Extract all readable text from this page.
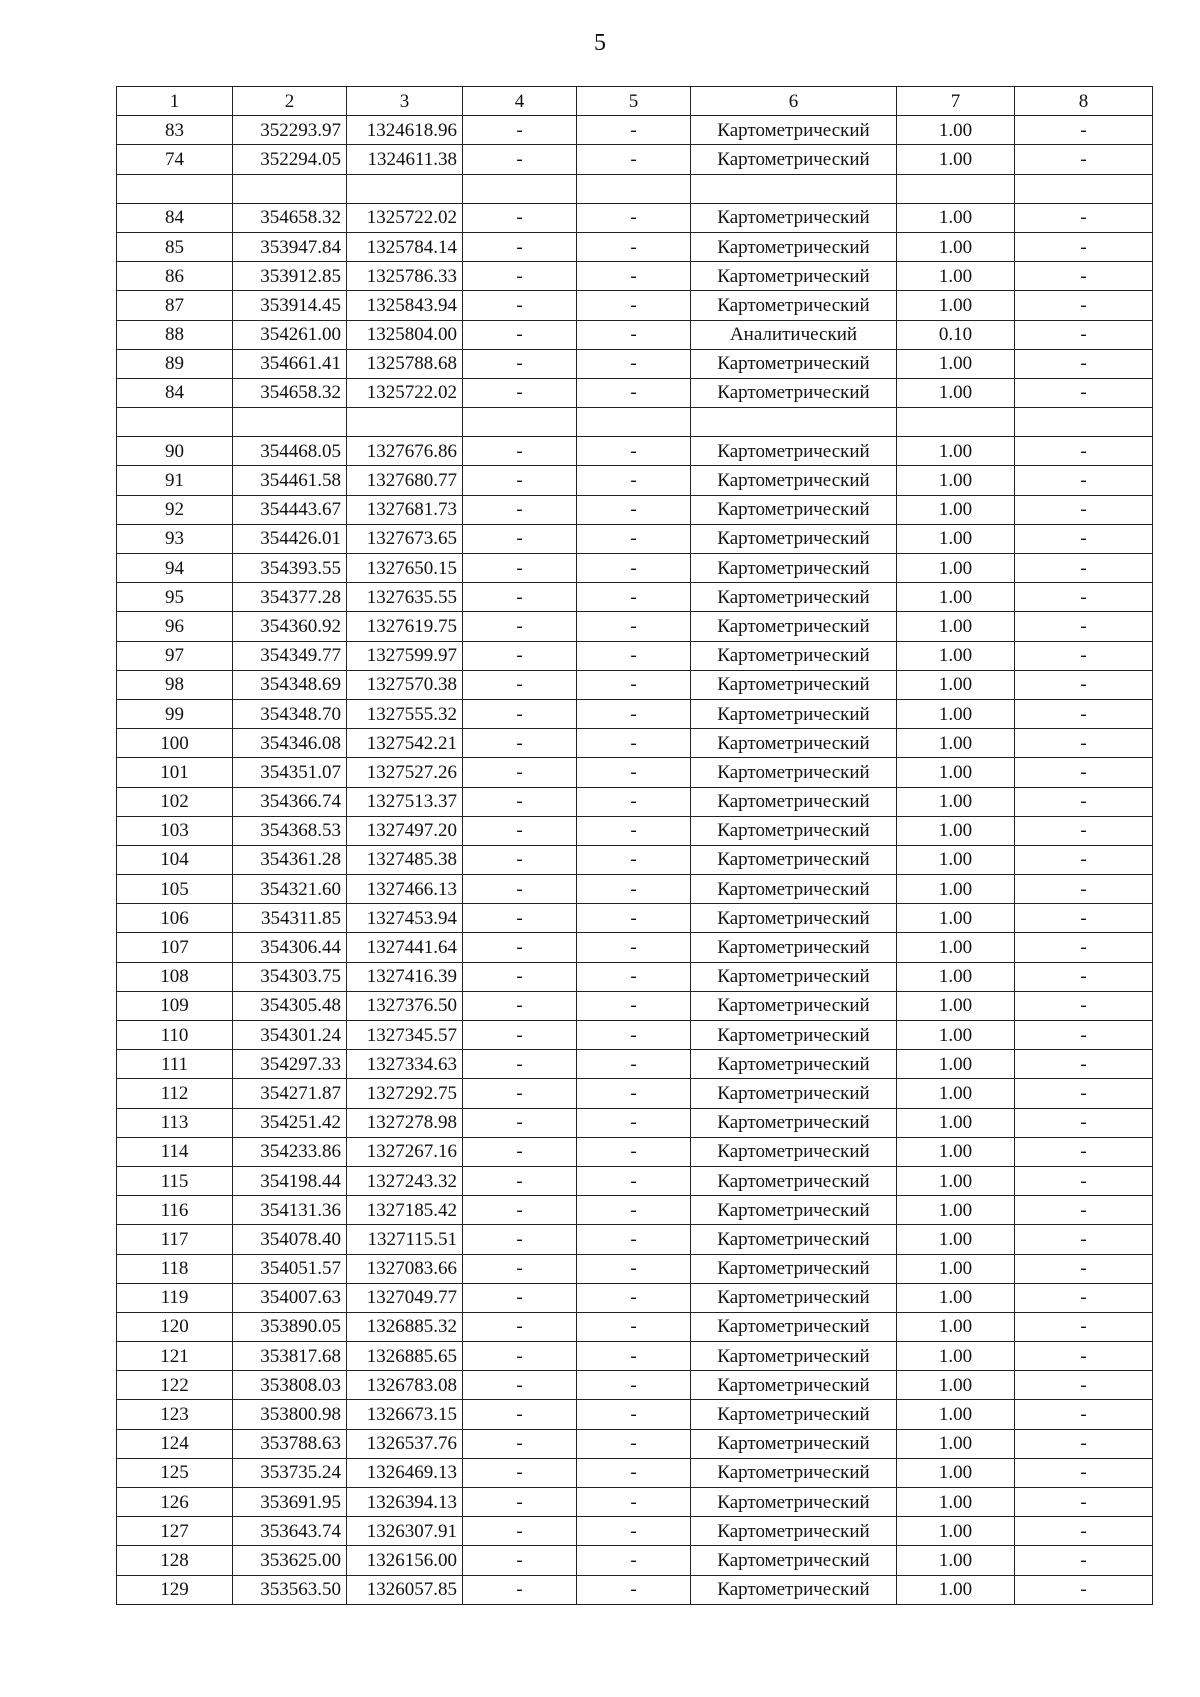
5
1	2	3	4	5	6	7	8
83	352293.97	1324618.96	-	-	Картометрический	1.00	-
74	352294.05	1324611.38	-	-	Картометрический	1.00	-

84	354658.32	1325722.02	-	-	Картометрический	1.00	-
85	353947.84	1325784.14	-	-	Картометрический	1.00	-
86	353912.85	1325786.33	-	-	Картометрический	1.00	-
87	353914.45	1325843.94	-	-	Картометрический	1.00	-
88	354261.00	1325804.00	-	-	Аналитический	0.10	-
89	354661.41	1325788.68	-	-	Картометрический	1.00	-
84	354658.32	1325722.02	-	-	Картометрический	1.00	-

90	354468.05	1327676.86	-	-	Картометрический	1.00	-
91	354461.58	1327680.77	-	-	Картометрический	1.00	-
92	354443.67	1327681.73	-	-	Картометрический	1.00	-
93	354426.01	1327673.65	-	-	Картометрический	1.00	-
94	354393.55	1327650.15	-	-	Картометрический	1.00	-
95	354377.28	1327635.55	-	-	Картометрический	1.00	-
96	354360.92	1327619.75	-	-	Картометрический	1.00	-
97	354349.77	1327599.97	-	-	Картометрический	1.00	-
98	354348.69	1327570.38	-	-	Картометрический	1.00	-
99	354348.70	1327555.32	-	-	Картометрический	1.00	-
100	354346.08	1327542.21	-	-	Картометрический	1.00	-
101	354351.07	1327527.26	-	-	Картометрический	1.00	-
102	354366.74	1327513.37	-	-	Картометрический	1.00	-
103	354368.53	1327497.20	-	-	Картометрический	1.00	-
104	354361.28	1327485.38	-	-	Картометрический	1.00	-
105	354321.60	1327466.13	-	-	Картометрический	1.00	-
106	354311.85	1327453.94	-	-	Картометрический	1.00	-
107	354306.44	1327441.64	-	-	Картометрический	1.00	-
108	354303.75	1327416.39	-	-	Картометрический	1.00	-
109	354305.48	1327376.50	-	-	Картометрический	1.00	-
110	354301.24	1327345.57	-	-	Картометрический	1.00	-
111	354297.33	1327334.63	-	-	Картометрический	1.00	-
112	354271.87	1327292.75	-	-	Картометрический	1.00	-
113	354251.42	1327278.98	-	-	Картометрический	1.00	-
114	354233.86	1327267.16	-	-	Картометрический	1.00	-
115	354198.44	1327243.32	-	-	Картометрический	1.00	-
116	354131.36	1327185.42	-	-	Картометрический	1.00	-
117	354078.40	1327115.51	-	-	Картометрический	1.00	-
118	354051.57	1327083.66	-	-	Картометрический	1.00	-
119	354007.63	1327049.77	-	-	Картометрический	1.00	-
120	353890.05	1326885.32	-	-	Картометрический	1.00	-
121	353817.68	1326885.65	-	-	Картометрический	1.00	-
122	353808.03	1326783.08	-	-	Картометрический	1.00	-
123	353800.98	1326673.15	-	-	Картометрический	1.00	-
124	353788.63	1326537.76	-	-	Картометрический	1.00	-
125	353735.24	1326469.13	-	-	Картометрический	1.00	-
126	353691.95	1326394.13	-	-	Картометрический	1.00	-
127	353643.74	1326307.91	-	-	Картометрический	1.00	-
128	353625.00	1326156.00	-	-	Картометрический	1.00	-
129	353563.50	1326057.85	-	-	Картометрический	1.00	-
